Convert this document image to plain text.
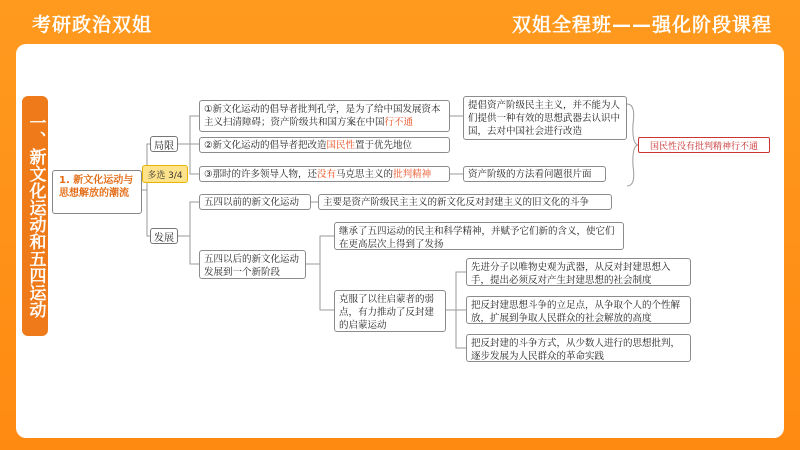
考研政治双姐	双姐全程班——强化阶段课程
一、新文化运动和五四运动	1. 新文化运动与思想解放的潮流
局限
多选 3/4
发展
①新文化运动的倡导者批判孔学，是为了给中国发展资本主义扫清障碍；资产阶级共和国方案在中国行不通
②新文化运动的倡导者把改造国民性置于优先地位
③那时的许多领导人物，还没有马克思主义的批判精神
提倡资产阶级民主主义，并不能为人们提供一种有效的思想武器去认识中国，去对中国社会进行改造
资产阶级的方法看问题很片面
国民性没有批判精神行不通
五四以前的新文化运动	主要是资产阶级民主主义的新文化反对封建主义的旧文化的斗争
五四以后的新文化运动发展到一个新阶段
继承了五四运动的民主和科学精神，并赋予它们新的含义，使它们在更高层次上得到了发扬
克服了以往启蒙者的弱点，有力推动了反封建的启蒙运动
先进分子以唯物史观为武器，从反对封建思想入手，提出必须反对产生封建思想的社会制度
把反封建思想斗争的立足点，从争取个人的个性解放，扩展到争取人民群众的社会解放的高度
把反封建的斗争方式，从少数人进行的思想批判，逐步发展为人民群众的革命实践
